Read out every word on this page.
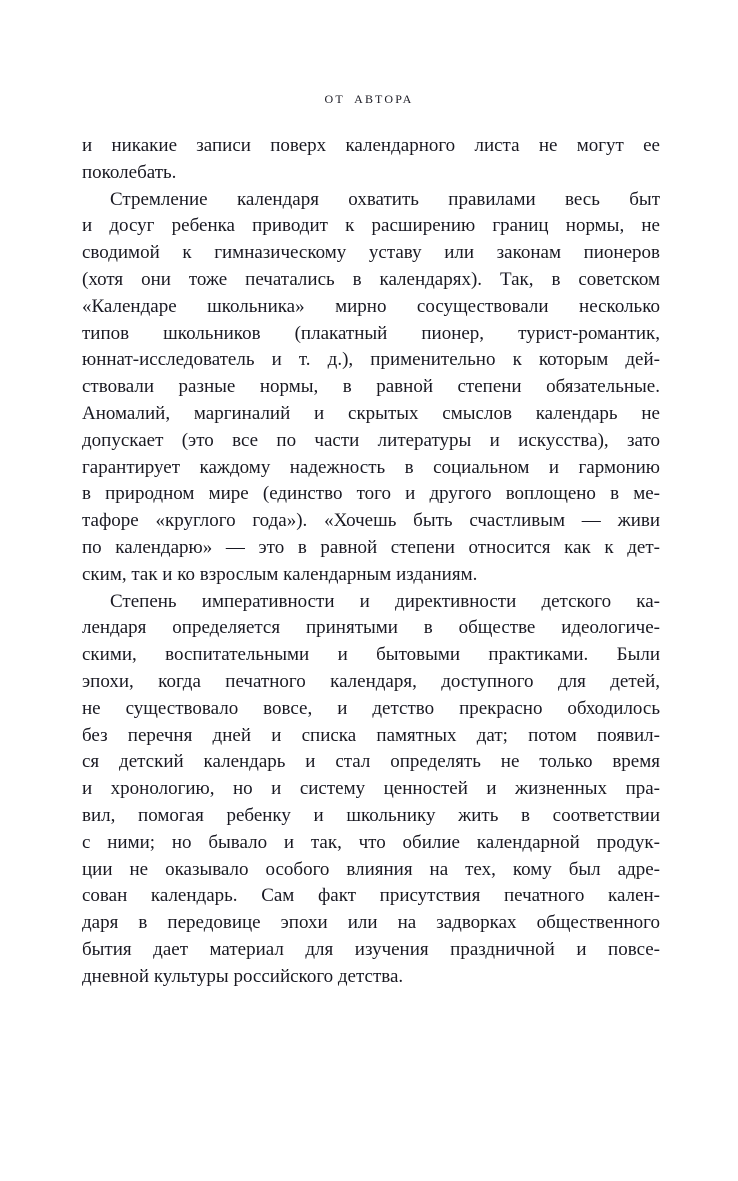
ОТ АВТОРА
и никакие записи поверх календарного листа не могут ее
поколебать.
Стремление календаря охватить правилами весь быт
и досуг ребенка приводит к расширению границ нормы, не
сводимой к гимназическому уставу или законам пионеров
(хотя они тоже печатались в календарях). Так, в советском
«Календаре школьника» мирно сосуществовали несколько
типов школьников (плакатный пионер, турист-романтик,
юннат-исследователь и т. д.), применительно к которым дей-
ствовали разные нормы, в равной степени обязательные.
Аномалий, маргиналий и скрытых смыслов календарь не
допускает (это все по части литературы и искусства), зато
гарантирует каждому надежность в социальном и гармонию
в природном мире (единство того и другого воплощено в ме-
тафоре «круглого года»). «Хочешь быть счастливым — живи
по календарю» — это в равной степени относится как к дет-
ским, так и ко взрослым календарным изданиям.
Степень императивности и директивности детского ка-
лендаря определяется принятыми в обществе идеологиче-
скими, воспитательными и бытовыми практиками. Были
эпохи, когда печатного календаря, доступного для детей,
не существовало вовсе, и детство прекрасно обходилось
без перечня дней и списка памятных дат; потом появил-
ся детский календарь и стал определять не только время
и хронологию, но и систему ценностей и жизненных пра-
вил, помогая ребенку и школьнику жить в соответствии
с ними; но бывало и так, что обилие календарной продук-
ции не оказывало особого влияния на тех, кому был адре-
сован календарь. Сам факт присутствия печатного кален-
даря в передовице эпохи или на задворках общественного
бытия дает материал для изучения праздничной и повсе-
дневной культуры российского детства.
